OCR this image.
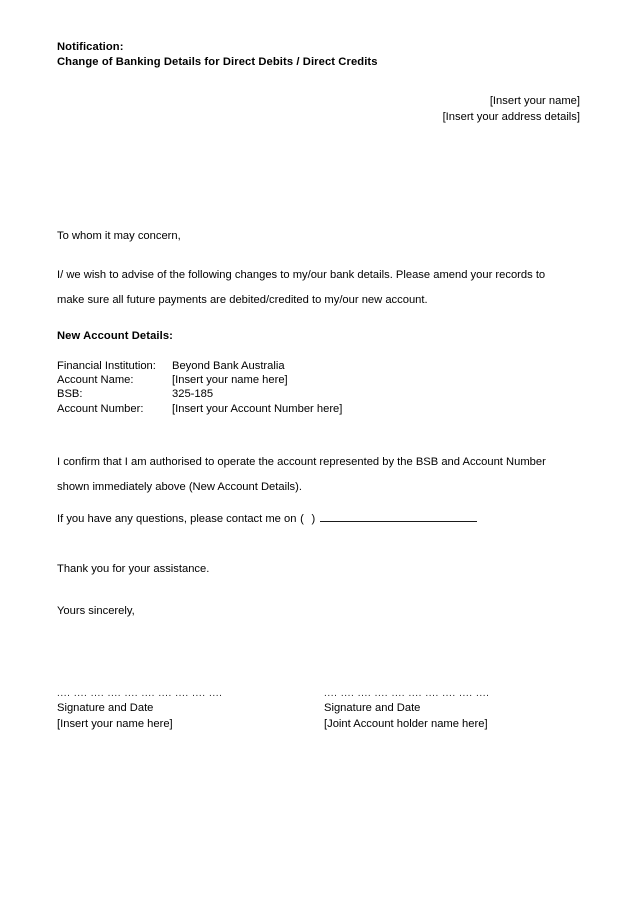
Notification:
Change of Banking Details for Direct Debits / Direct Credits
[Insert your name]
[Insert your address details]
To whom it may concern,
I/ we wish to advise of the following changes to my/our bank details. Please amend your records to make sure all future payments are debited/credited to my/our new account.
New Account Details:
Financial Institution:	Beyond Bank Australia
Account Name:	[Insert your name here]
BSB:	325-185
Account Number:	[Insert your Account Number here]
I confirm that I am authorised to operate the account represented by the BSB and Account Number shown immediately above (New Account Details).
If you have any questions, please contact me on ( )
Thank you for your assistance.
Yours sincerely,
.... .... .... .... .... .... .... .... .... ....
Signature and Date
[Insert your name here]
.... .... .... .... .... .... .... .... .... ....
Signature and Date
[Joint Account holder name here]
